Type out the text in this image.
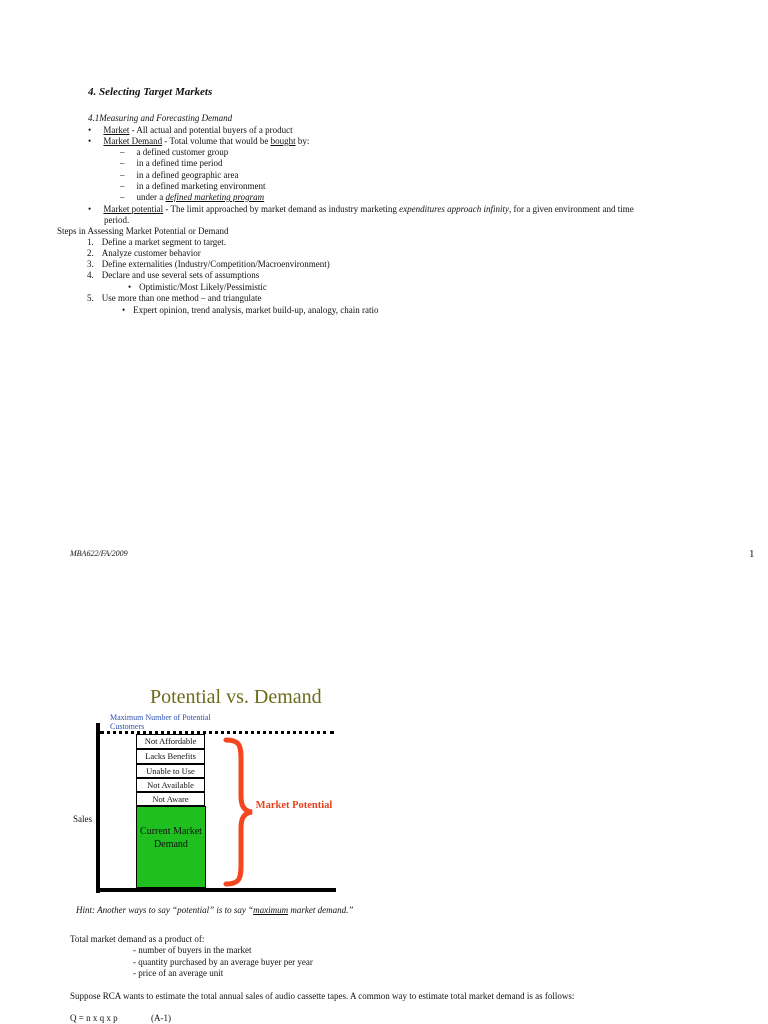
4. Selecting Target Markets
4.1Measuring and Forecasting Demand
• Market - All actual and potential buyers of a product
• Market Demand - Total volume that would be bought by:
– a defined customer group
– in a defined time period
– in a defined geographic area
– in a defined marketing environment
– under a defined marketing program
• Market potential - The limit approached by market demand as industry marketing expenditures approach infinity, for a given environment and time
period.
Steps in Assessing Market Potential or Demand
1. Define a market segment to target.
2. Analyze customer behavior
3. Define externalities (Industry/Competition/Macroenvironment)
4. Declare and use several sets of assumptions
• Optimistic/Most Likely/Pessimistic
5. Use more than one method – and triangulate
• Expert opinion, trend analysis, market build-up, analogy, chain ratio
MBA622/FA/2009	1
Potential vs. Demand
Maximum Number of Potential Customers
Not Affordable
Lacks Benefits
Unable to Use
Not Available
Not Aware
Current Market Demand
Sales
Market Potential
Hint: Another ways to say “potential” is to say “maximum market demand.”
Total market demand as a product of:
- number of buyers in the market
- quantity purchased by an average buyer per year
- price of an average unit
Suppose RCA wants to estimate the total annual sales of audio cassette tapes. A common way to estimate total market demand is as follows:
Q = n x q x p	(A-1)
